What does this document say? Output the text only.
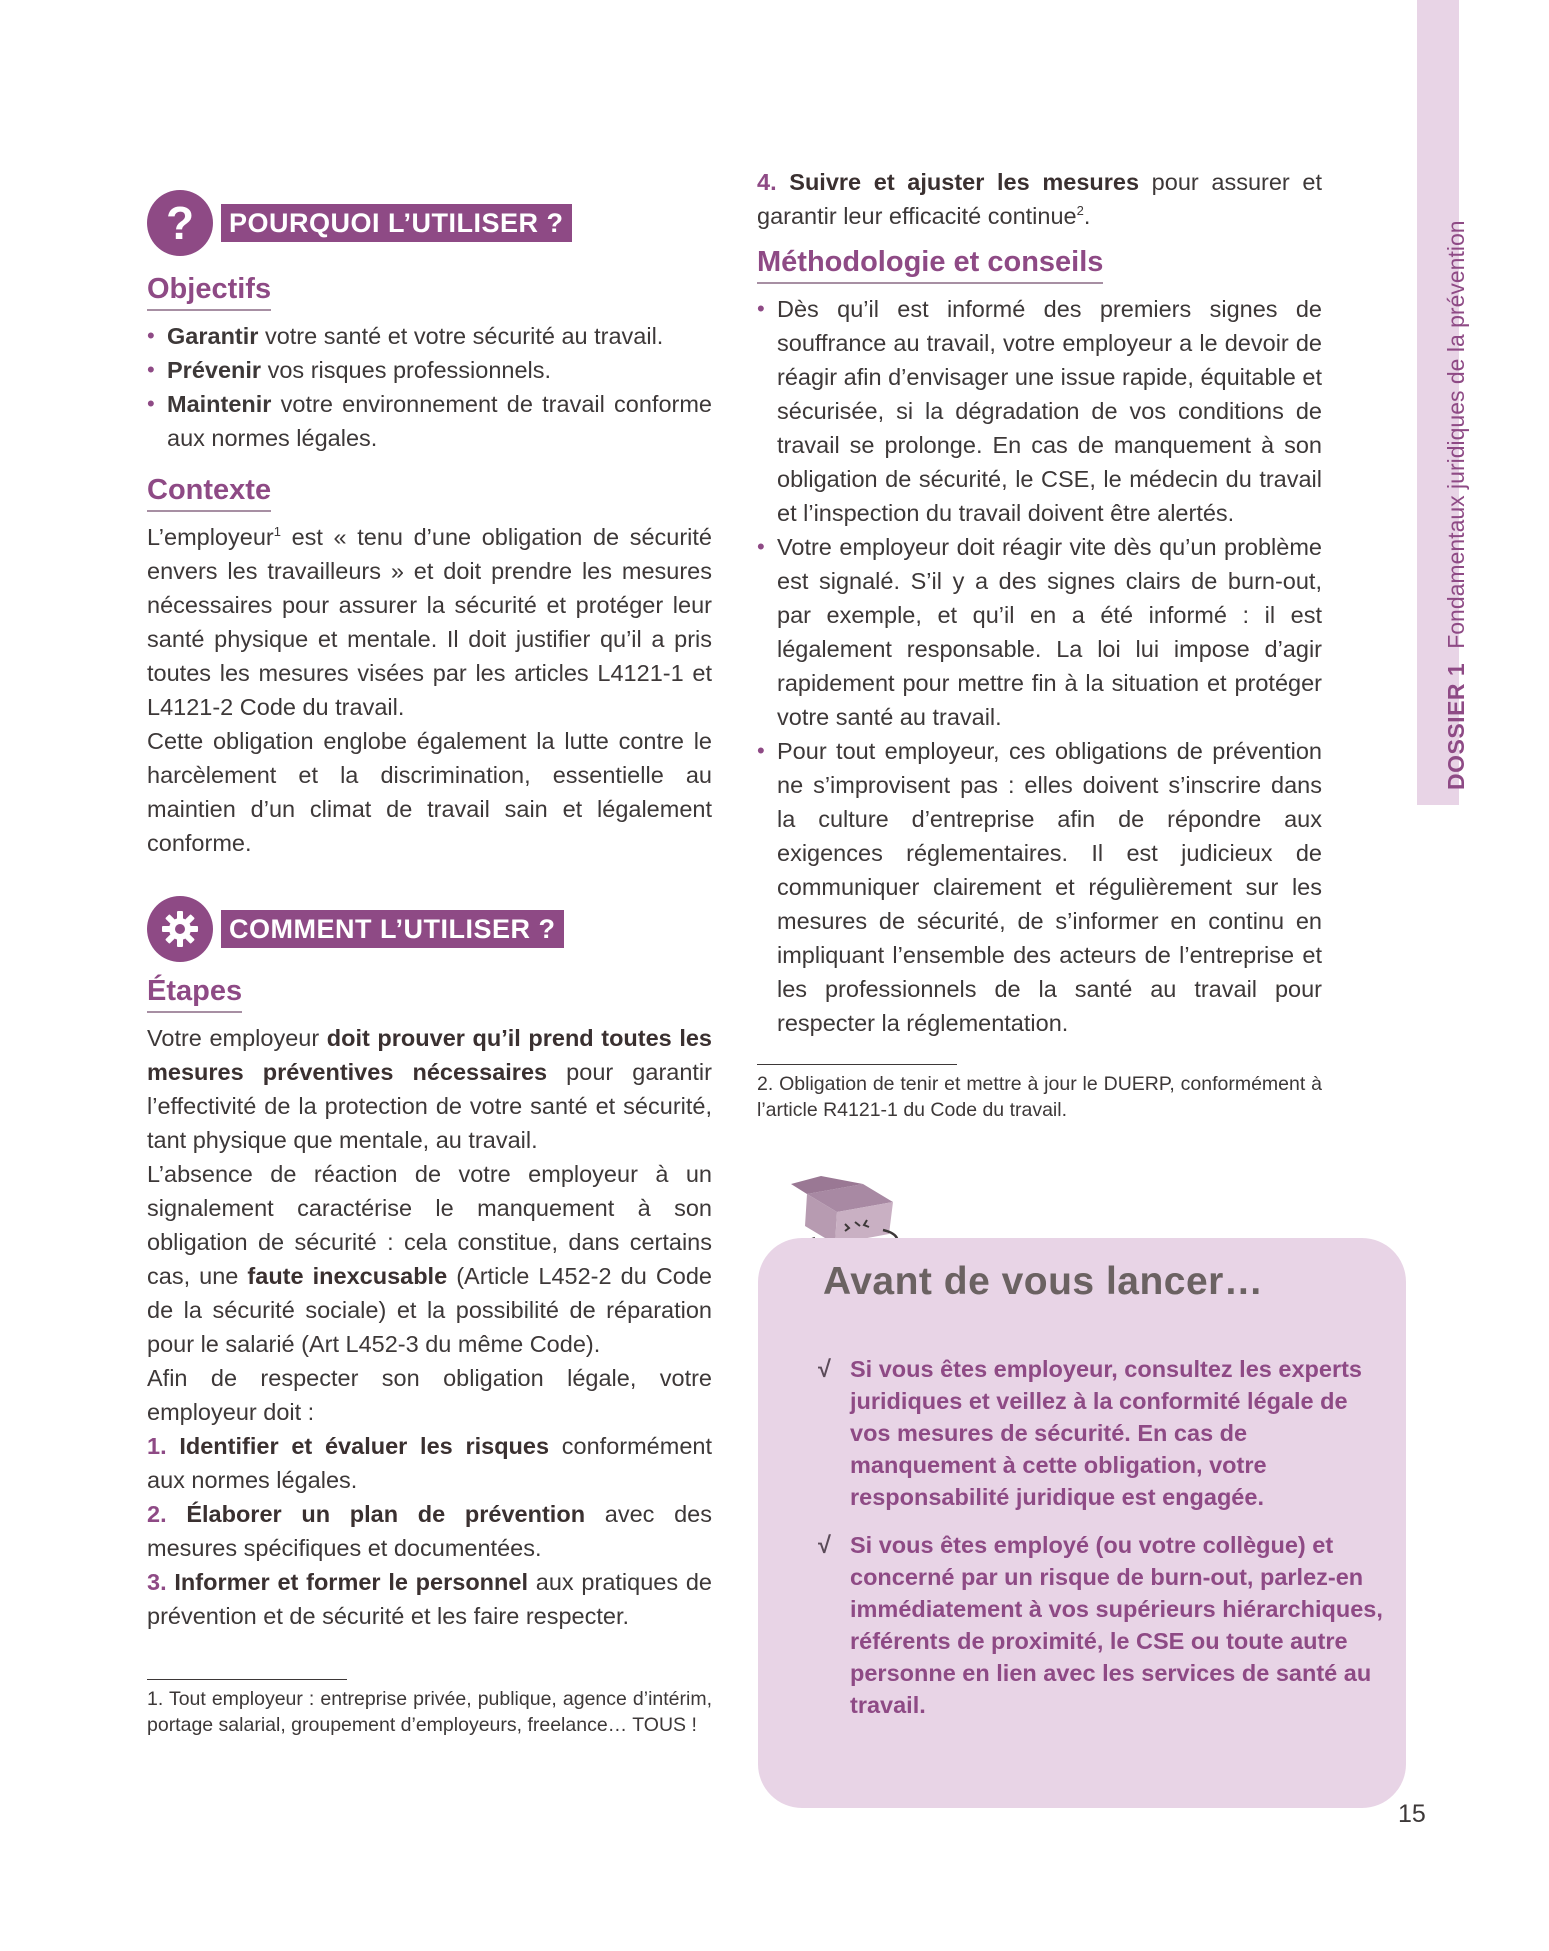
DOSSIER 1Fondamentaux juridiques de la prévention
?	POURQUOI L’UTILISER ?
Objectifs
• Garantir votre santé et votre sécurité au travail.
• Prévenir vos risques professionnels.
• Maintenir votre environnement de travail conforme aux normes légales.
Contexte

L’employeur$^1$ est « tenu d’une obligation de sécurité envers les travailleurs » et doit prendre les mesures nécessaires pour assurer la sécurité et protéger leur santé physique et mentale. Il doit justifier qu’il a pris toutes les mesures visées par les articles L4121-1 et L4121-2 Code du travail.

Cette obligation englobe également la lutte contre le harcèlement et la discrimination, essentielle au maintien d’un climat de travail sain et légalement conforme.

COMMENT L’UTILISER ?
Étapes

Votre employeur doit prouver qu’il prend toutes les mesures préventives nécessaires pour garantir l’effectivité de la protection de votre santé et sécurité, tant physique que mentale, au travail.

L’absence de réaction de votre employeur à un signalement caractérise le manquement à son obligation de sécurité : cela constitue, dans certains cas, une faute inexcusable (Article L452-2 du Code de la sécurité sociale) et la possibilité de réparation pour le salarié (Art L452-3 du même Code).

Afin de respecter son obligation légale, votre employeur doit :

1. Identifier et évaluer les risques conformément aux normes légales.

2. Élaborer un plan de prévention avec des mesures spécifiques et documentées.

3. Informer et former le personnel aux pratiques de prévention et de sécurité et les faire respecter.

1. Tout employeur : entreprise privée, publique, agence d’intérim, portage salarial, groupement d’employeurs, freelance… TOUS !

4. Suivre et ajuster les mesures pour assurer et garantir leur efficacité continue$^2$.

Méthodologie et conseils
• Dès qu’il est informé des premiers signes de souffrance au travail, votre employeur a le devoir de réagir afin d’envisager une issue rapide, équitable et sécurisée, si la dégradation de vos conditions de travail se prolonge. En cas de manquement à son obligation de sécurité, le CSE, le médecin du travail et l’inspection du travail doivent être alertés.
• Votre employeur doit réagir vite dès qu’un problème est signalé. S’il y a des signes clairs de burn-out, par exemple, et qu’il en a été informé : il est légalement responsable. La loi lui impose d’agir rapidement pour mettre fin à la situation et protéger votre santé au travail.
• Pour tout employeur, ces obligations de prévention ne s’improvisent pas : elles doivent s’inscrire dans la culture d’entreprise afin de répondre aux exigences réglementaires. Il est judicieux de communiquer clairement et régulièrement sur les mesures de sécurité, de s’informer en continu en impliquant l’ensemble des acteurs de l’entreprise et les professionnels de la santé au travail pour respecter la réglementation.

2. Obligation de tenir et mettre à jour le DUERP, conformément à l’article R4121-1 du Code du travail.

Avant de vous lancer…
√ Si vous êtes employeur, consultez les experts juridiques et veillez à la conformité légale de vos mesures de sécurité. En cas de manquement à cette obligation, votre responsabilité juridique est engagée.
√ Si vous êtes employé (ou votre collègue) et concerné par un risque de burn-out, parlez-en immédiatement à vos supérieurs hiérarchiques, référents de proximité, le CSE ou toute autre personne en lien avec les services de santé au travail.
15
